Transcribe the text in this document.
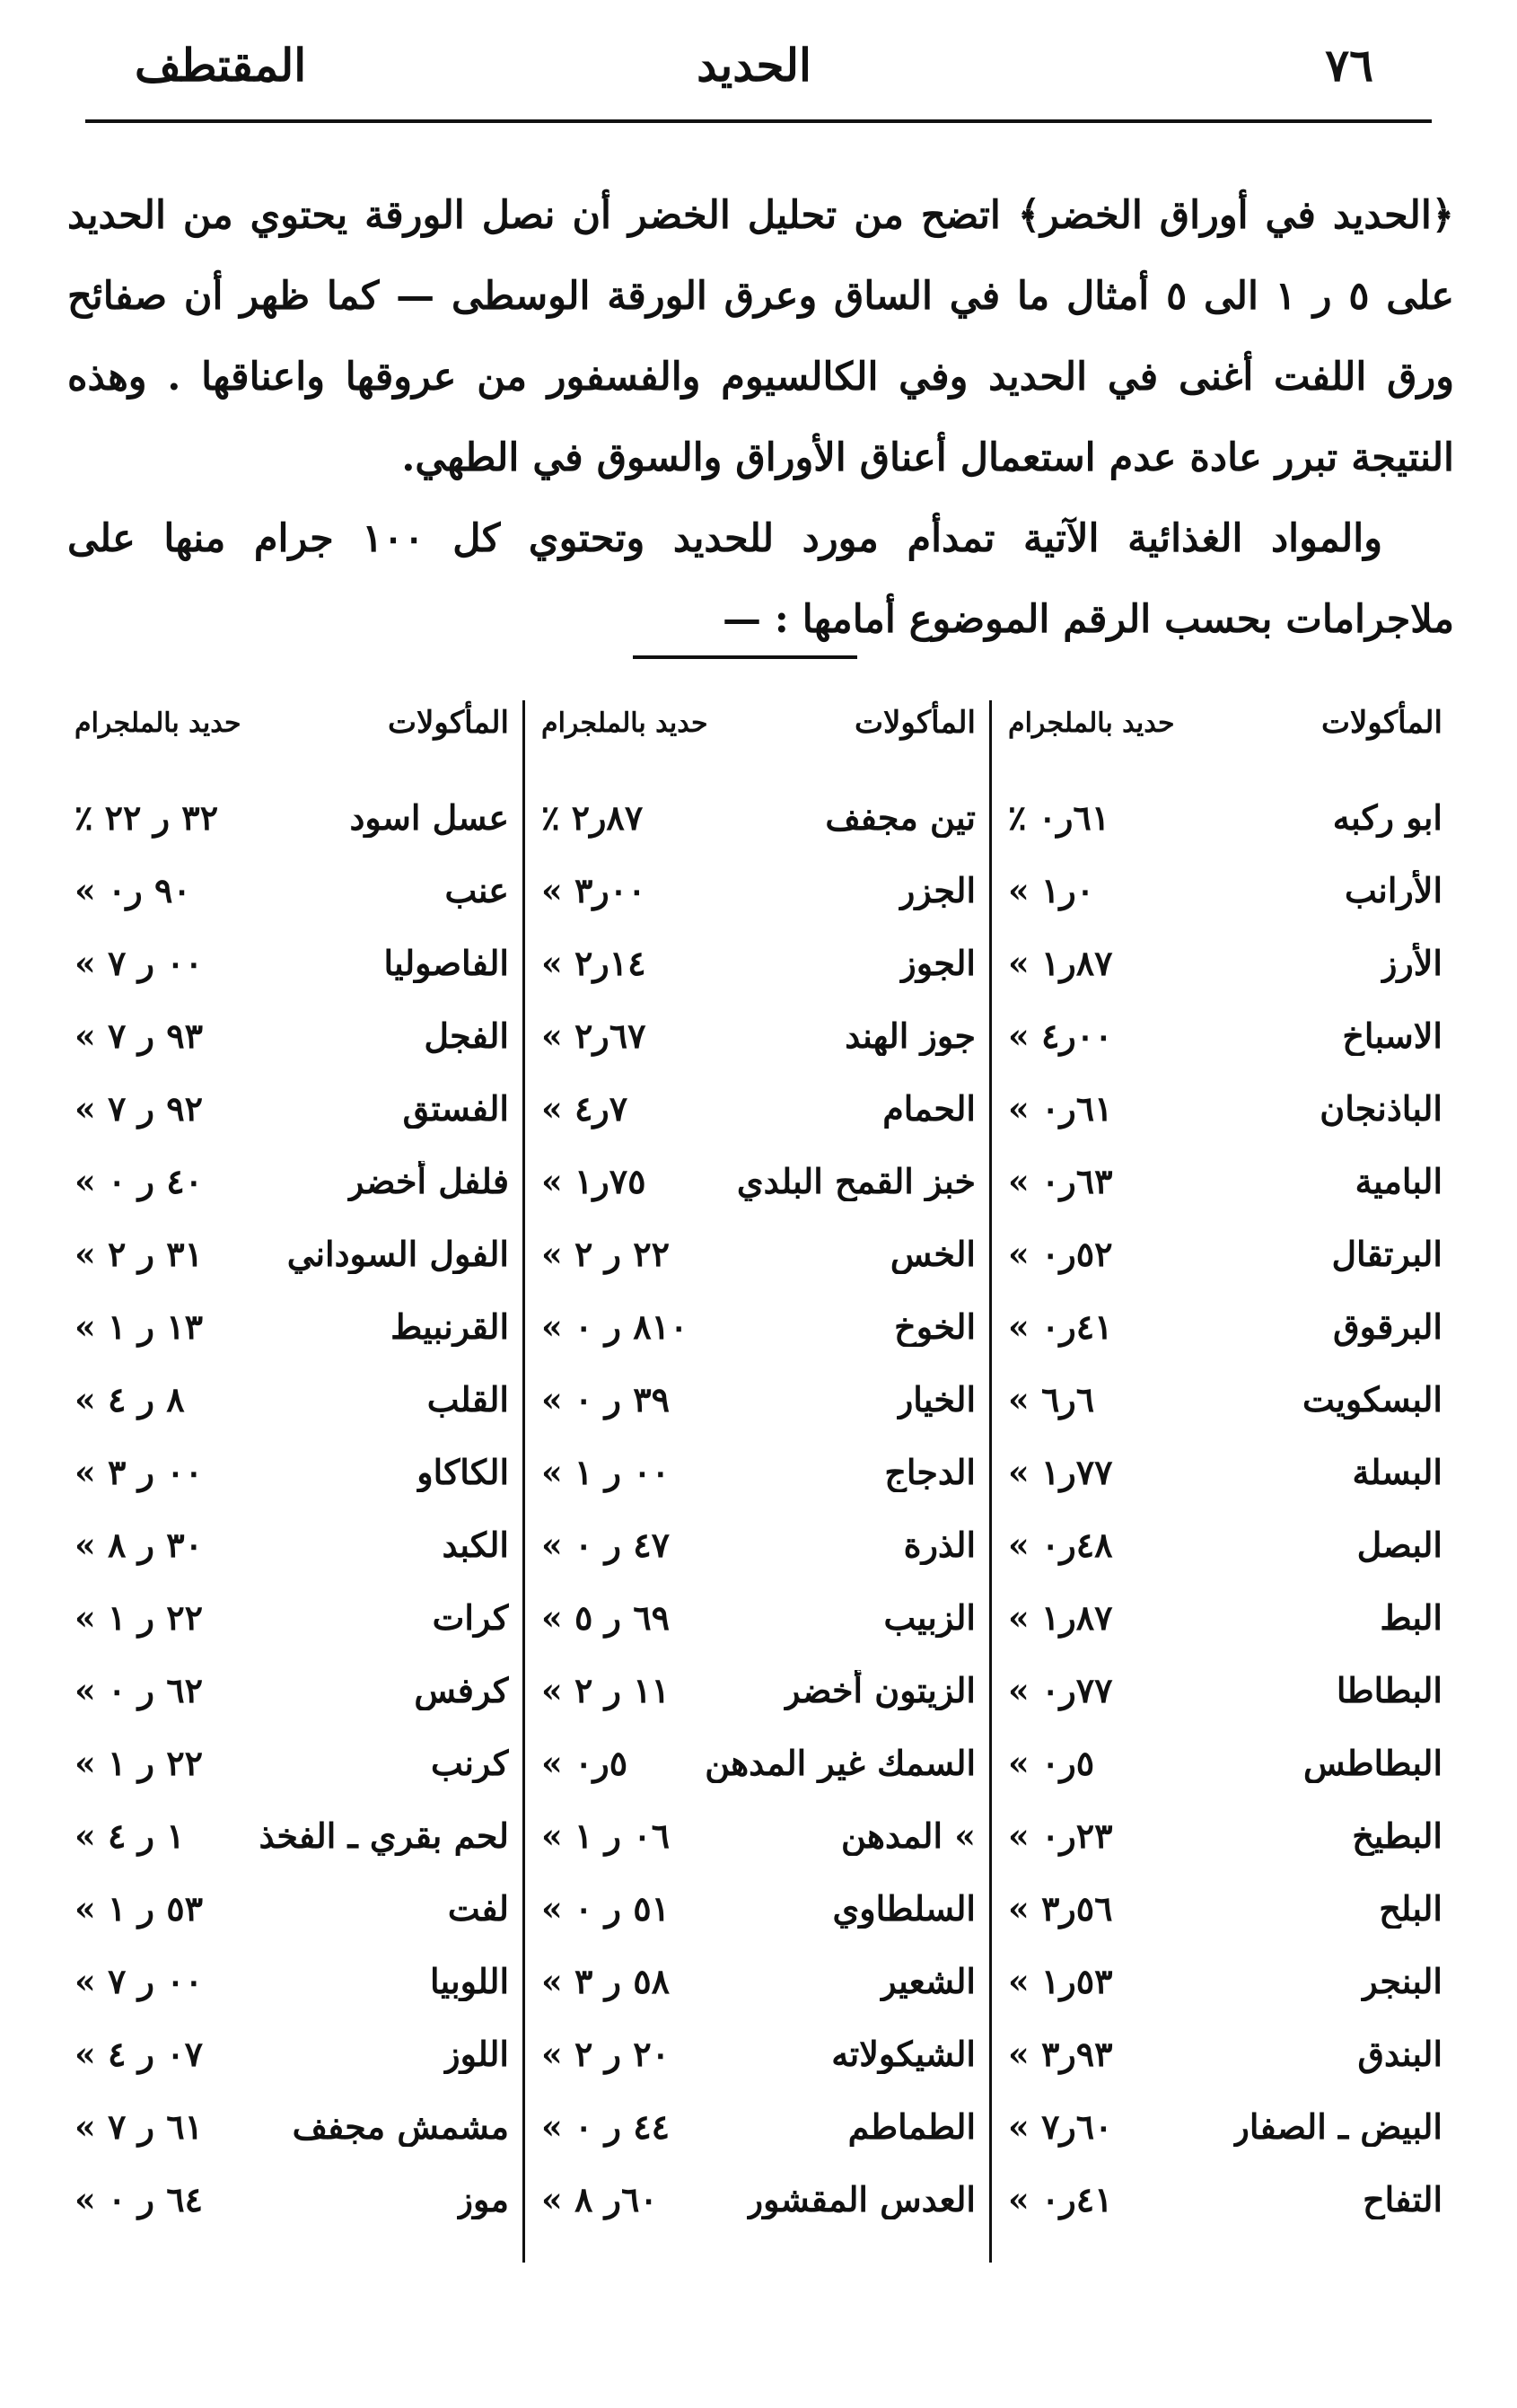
٧٦
الحديد
المقتطف

﴿الحديد في أوراق الخضر﴾ اتضح من تحليل الخضر أن نصل الورقة يحتوي من الحديد على ٥ ر ١ الى ٥ أمثال ما في الساق وعرق الورقة الوسطى — كما ظهر أن صفائح ورق اللفت أغنى في الحديد وفي الكالسيوم والفسفور من عروقها واعناقها . وهذه النتيجة تبرر عادة عدم استعمال أعناق الأوراق والسوق في الطهي.

والمواد الغذائية الآتية تمدأم مورد للحديد وتحتوي كل ١٠٠ جرام منها على ملاجرامات بحسب الرقم الموضوع أمامها : —

المأكولات
حديد بالملجرام
ابو ركبه
٦١ر٠ ٪
الأرانب
٠ر١ »
الأرز
٨٧ر١ »
الاسباخ
٠٠ر٤ »
الباذنجان
٦١ر٠ »
البامية
٦٣ر٠ »
البرتقال
٥٢ر٠ »
البرقوق
٤١ر٠ »
البسكويت
٦ر٦ »
البسلة
٧٧ر١ »
البصل
٤٨ر٠ »
البط
٨٧ر١ »
البطاطا
٧٧ر٠ »
البطاطس
٥ر٠ »
البطيخ
٢٣ر٠ »
البلح
٥٦ر٣ »
البنجر
٥٣ر١ »
البندق
٩٣ر٣ »
البيض ـ الصفار
٦٠ر٧ »
التفاح
٤١ر٠ »
المأكولات
حديد بالملجرام
تين مجفف
٨٧ر٢ ٪
الجزر
٠٠ر٣ »
الجوز
١٤ر٢ »
جوز الهند
٦٧ر٢ »
الحمام
٧ر٤ »
خبز القمح البلدي
٧٥ر١ »
الخس
٢٢ ر ٢ »
الخوخ
٨١٠ ر ٠ »
الخيار
٣٩ ر ٠ »
الدجاج
٠٠ ر ١ »
الذرة
٤٧ ر ٠ »
الزبيب
٦٩ ر ٥ »
الزيتون أخضر
١١ ر ٢ »
السمك غير المدهن
٥ر٠ »
» المدهن
٠٦ ر ١ »
السلطاوي
٥١ ر ٠ »
الشعير
٥٨ ر ٣ »
الشيكولاته
٢٠ ر ٢ »
الطماطم
٤٤ ر ٠ »
العدس المقشور
٦٠ر ٨ »
المأكولات
حديد بالملجرام
عسل اسود
٣٢ ر ٢٢ ٪
عنب
٩٠ ر٠ »
الفاصوليا
٠٠ ر ٧ »
الفجل
٩٣ ر ٧ »
الفستق
٩٢ ر ٧ »
فلفل أخضر
٤٠ ر ٠ »
الفول السوداني
٣١ ر ٢ »
القرنبيط
١٣ ر ١ »
القلب
٨ ر ٤ »
الكاكاو
٠٠ ر ٣ »
الكبد
٣٠ ر ٨ »
كرات
٢٢ ر ١ »
كرفس
٦٢ ر ٠ »
كرنب
٢٢ ر ١ »
لحم بقري ـ الفخذ
١ ر ٤ »
لفت
٥٣ ر ١ »
اللوبيا
٠٠ ر ٧ »
اللوز
٠٧ ر ٤ »
مشمش مجفف
٦١ ر ٧ »
موز
٦٤ ر ٠ »
